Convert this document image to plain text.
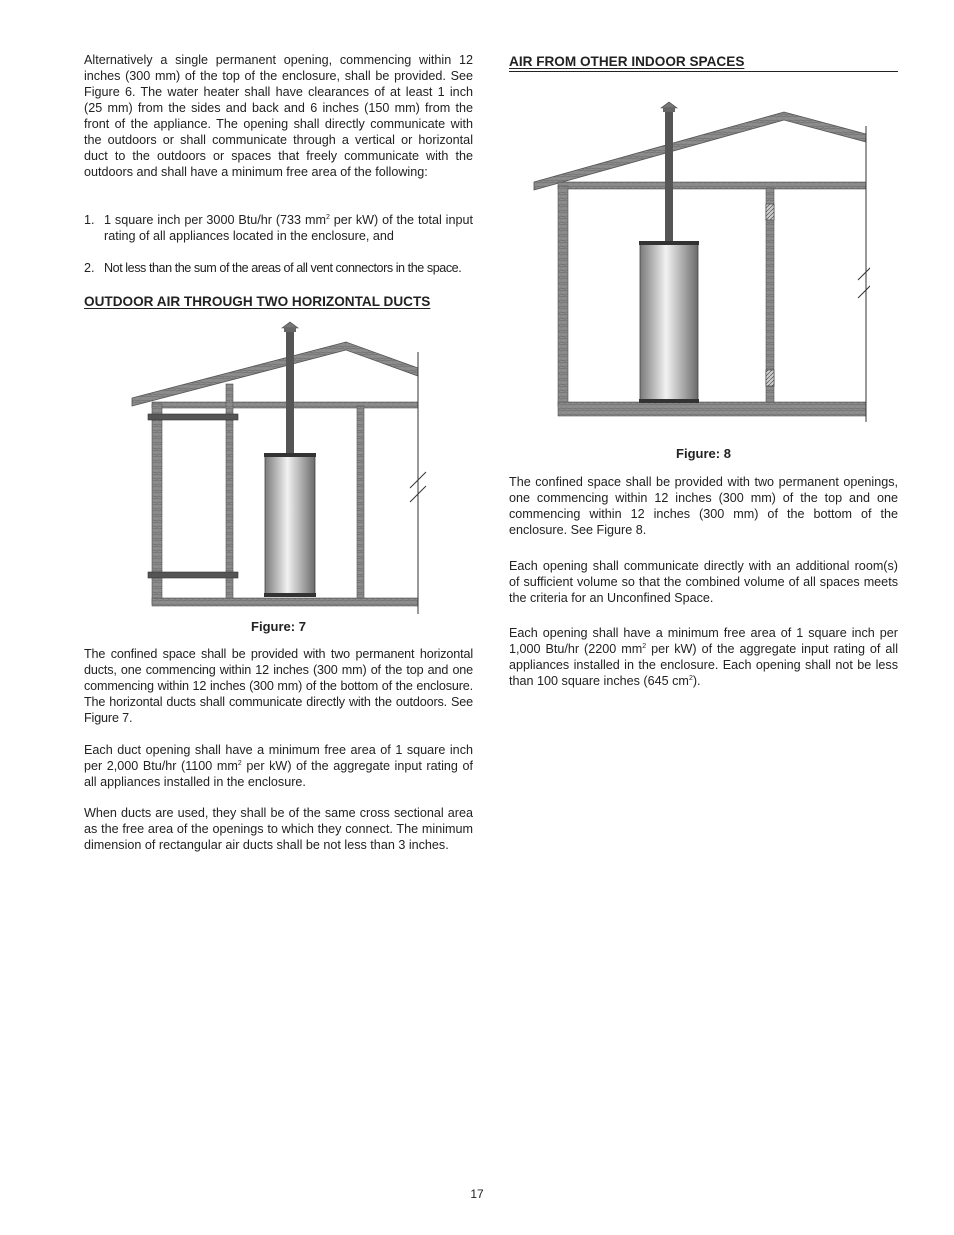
Alternatively a single permanent opening, commencing within 12 inches (300 mm) of the top of the enclosure, shall be provided. See Figure 6. The water heater shall have clearances of at least 1 inch (25 mm) from the sides and back and 6 inches (150 mm) from the front of the appliance. The opening shall directly communicate with the outdoors or shall communicate through a vertical or horizontal duct to the outdoors or spaces that freely communicate with the outdoors and shall have a minimum free area of the following:

1. 1 square inch per 3000 Btu/hr (733 $mm^2$ per kW) of the total input rating of all appliances located in the enclosure, and
2. Not less than the sum of the areas of all vent connectors in the space.
OUTDOOR AIR THROUGH TWO HORIZONTAL DUCTS
Figure: 7

The confined space shall be provided with two permanent horizontal ducts, one commencing within 12 inches (300 mm) of the top and one commencing within 12 inches (300 mm) of the bottom of the enclosure. The horizontal ducts shall communicate directly with the outdoors. See Figure 7.

Each duct opening shall have a minimum free area of 1 square inch per 2,000 Btu/hr (1100 $mm^2$ per kW) of the aggregate input rating of all appliances installed in the enclosure.

When ducts are used, they shall be of the same cross sectional area as the free area of the openings to which they connect. The minimum dimension of rectangular air ducts shall be not less than 3 inches.

AIR FROM OTHER INDOOR SPACES
Figure: 8

The confined space shall be provided with two permanent openings, one commencing within 12 inches (300 mm) of the top and one commencing within 12 inches (300 mm) of the bottom of the enclosure. See Figure 8.

Each opening shall communicate directly with an additional room(s) of sufficient volume so that the combined volume of all spaces meets the criteria for an Unconfined Space.

Each opening shall have a minimum free area of 1 square inch per 1,000 Btu/hr (2200 $mm^2$ per kW) of the aggregate input rating of all appliances installed in the enclosure. Each opening shall not be less than 100 square inches (645 $cm^2$).

17
